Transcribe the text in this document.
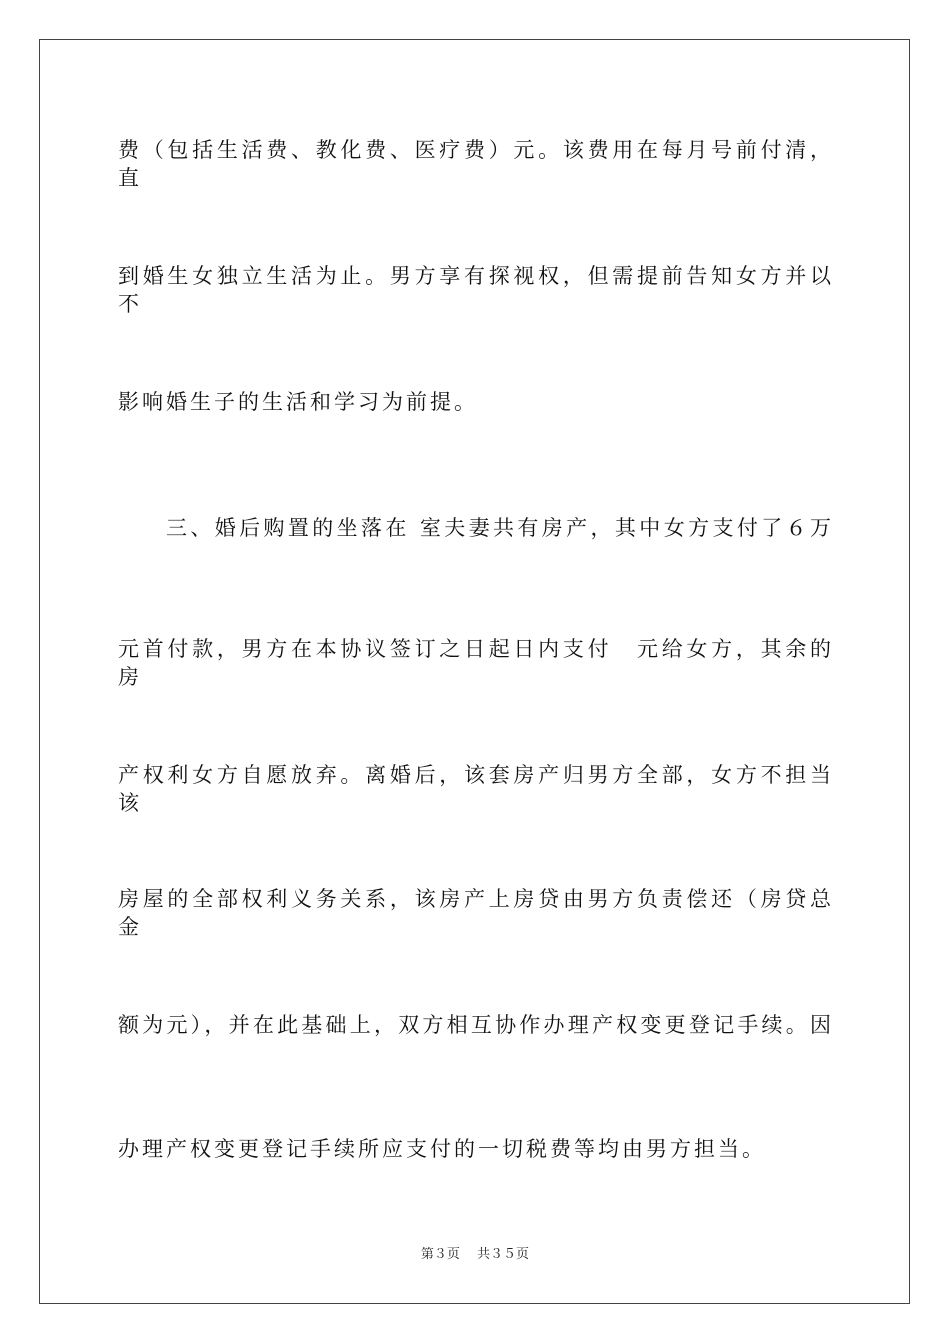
费（包括生活费、教化费、医疗费）元。该费用在每月号前付清，直
到婚生女独立生活为止。男方享有探视权，但需提前告知女方并以不
影响婚生子的生活和学习为前提。
三、婚后购置的坐落在 室夫妻共有房产，其中女方支付了６万
元首付款，男方在本协议签订之日起日内支付　元给女方，其余的房
产权利女方自愿放弃。离婚后，该套房产归男方全部，女方不担当该
房屋的全部权利义务关系，该房产上房贷由男方负责偿还（房贷总金
额为元），并在此基础上，双方相互协作办理产权变更登记手续。因
办理产权变更登记手续所应支付的一切税费等均由男方担当。
第３页　 共３５页
